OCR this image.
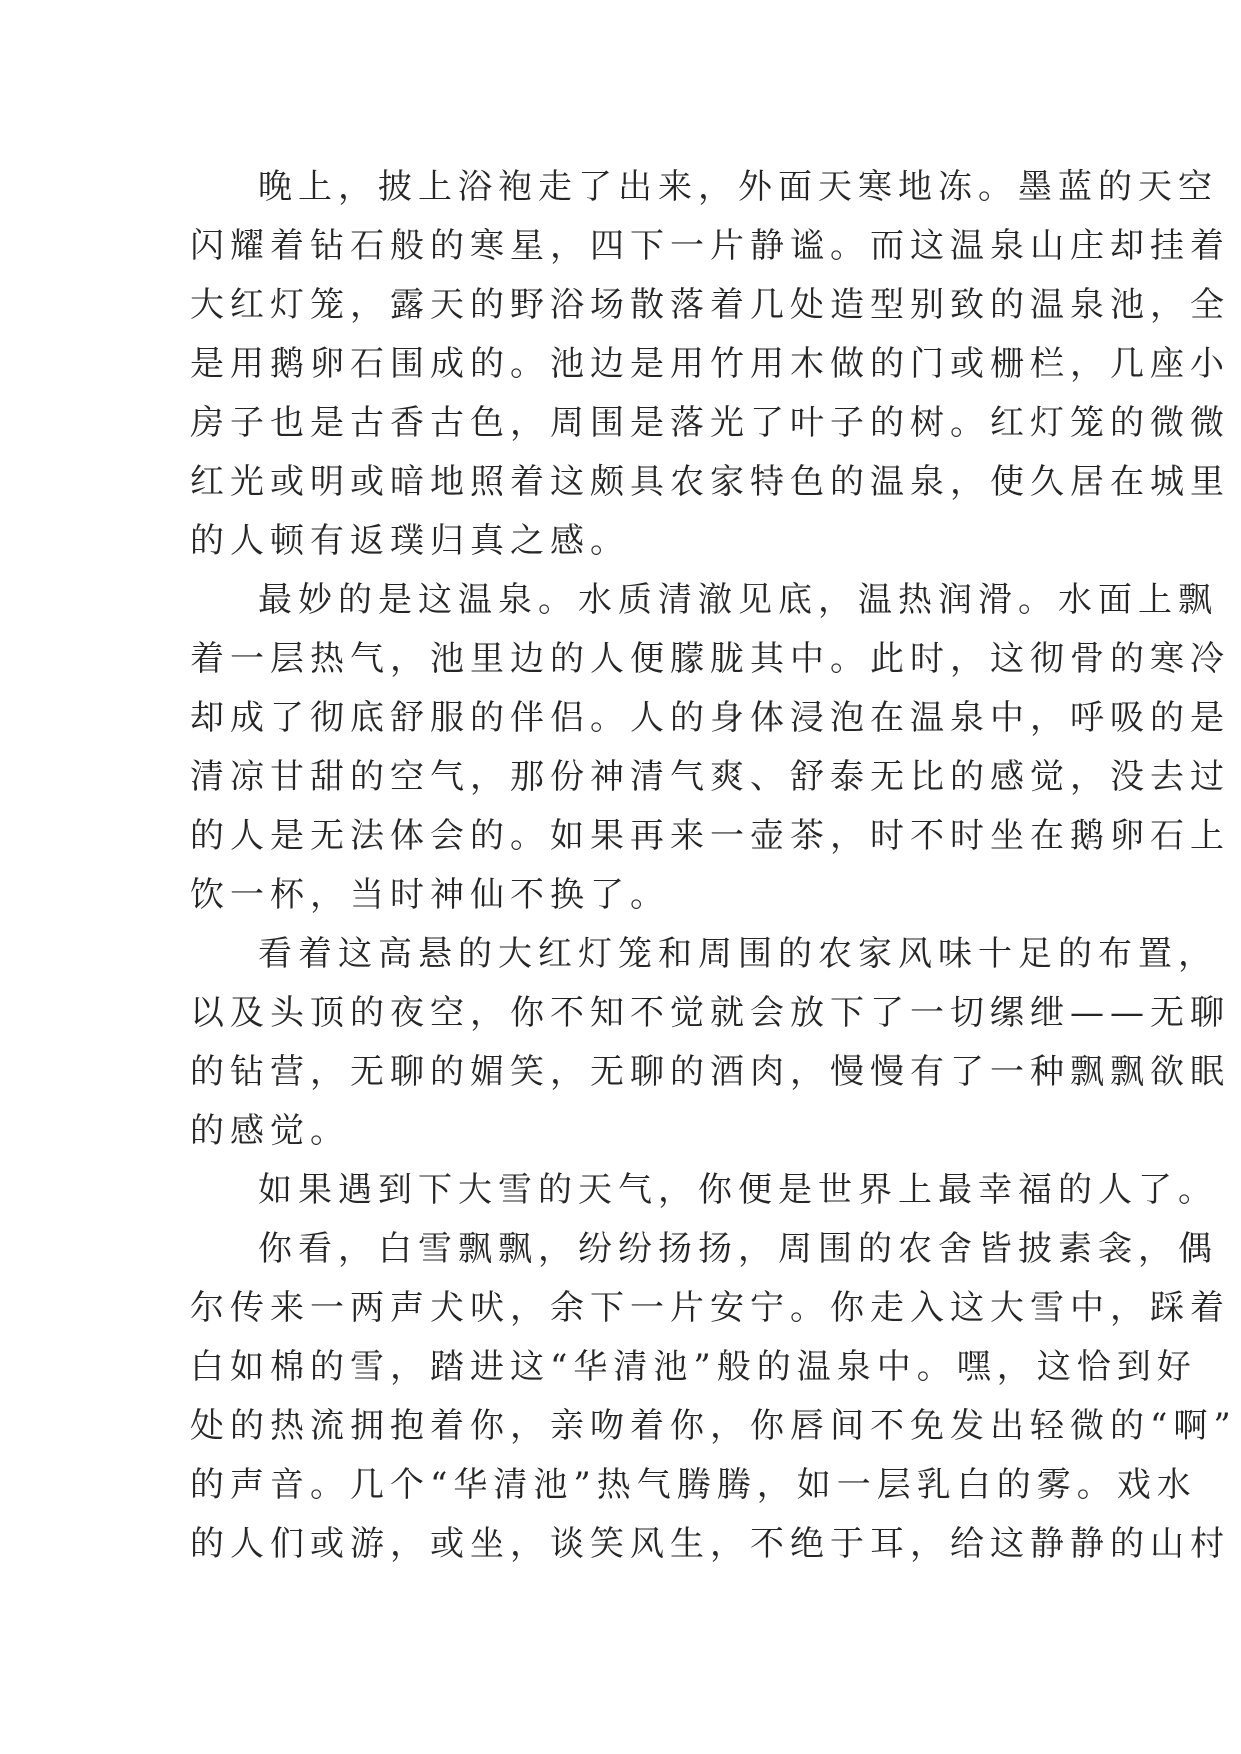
晚上，披上浴袍走了出来，外面天寒地冻。墨蓝的天空
闪耀着钻石般的寒星，四下一片静谧。而这温泉山庄却挂着
大红灯笼，露天的野浴场散落着几处造型别致的温泉池，全
是用鹅卵石围成的。池边是用竹用木做的门或栅栏，几座小
房子也是古香古色，周围是落光了叶子的树。红灯笼的微微
红光或明或暗地照着这颇具农家特色的温泉，使久居在城里
的人顿有返璞归真之感。
最妙的是这温泉。水质清澈见底，温热润滑。水面上飘
着一层热气，池里边的人便朦胧其中。此时，这彻骨的寒冷
却成了彻底舒服的伴侣。人的身体浸泡在温泉中，呼吸的是
清凉甘甜的空气，那份神清气爽、舒泰无比的感觉，没去过
的人是无法体会的。如果再来一壶茶，时不时坐在鹅卵石上
饮一杯，当时神仙不换了。
看着这高悬的大红灯笼和周围的农家风味十足的布置，
以及头顶的夜空，你不知不觉就会放下了一切缧绁——无聊
的钻营，无聊的媚笑，无聊的酒肉，慢慢有了一种飘飘欲眠
的感觉。
如果遇到下大雪的天气，你便是世界上最幸福的人了。
你看，白雪飘飘，纷纷扬扬，周围的农舍皆披素衾，偶
尔传来一两声犬吠，余下一片安宁。你走入这大雪中，踩着
白如棉的雪，踏进这“华清池”般的温泉中。嘿，这恰到好
处的热流拥抱着你，亲吻着你，你唇间不免发出轻微的“啊”
的声音。几个“华清池”热气腾腾，如一层乳白的雾。戏水
的人们或游，或坐，谈笑风生，不绝于耳，给这静静的山村
